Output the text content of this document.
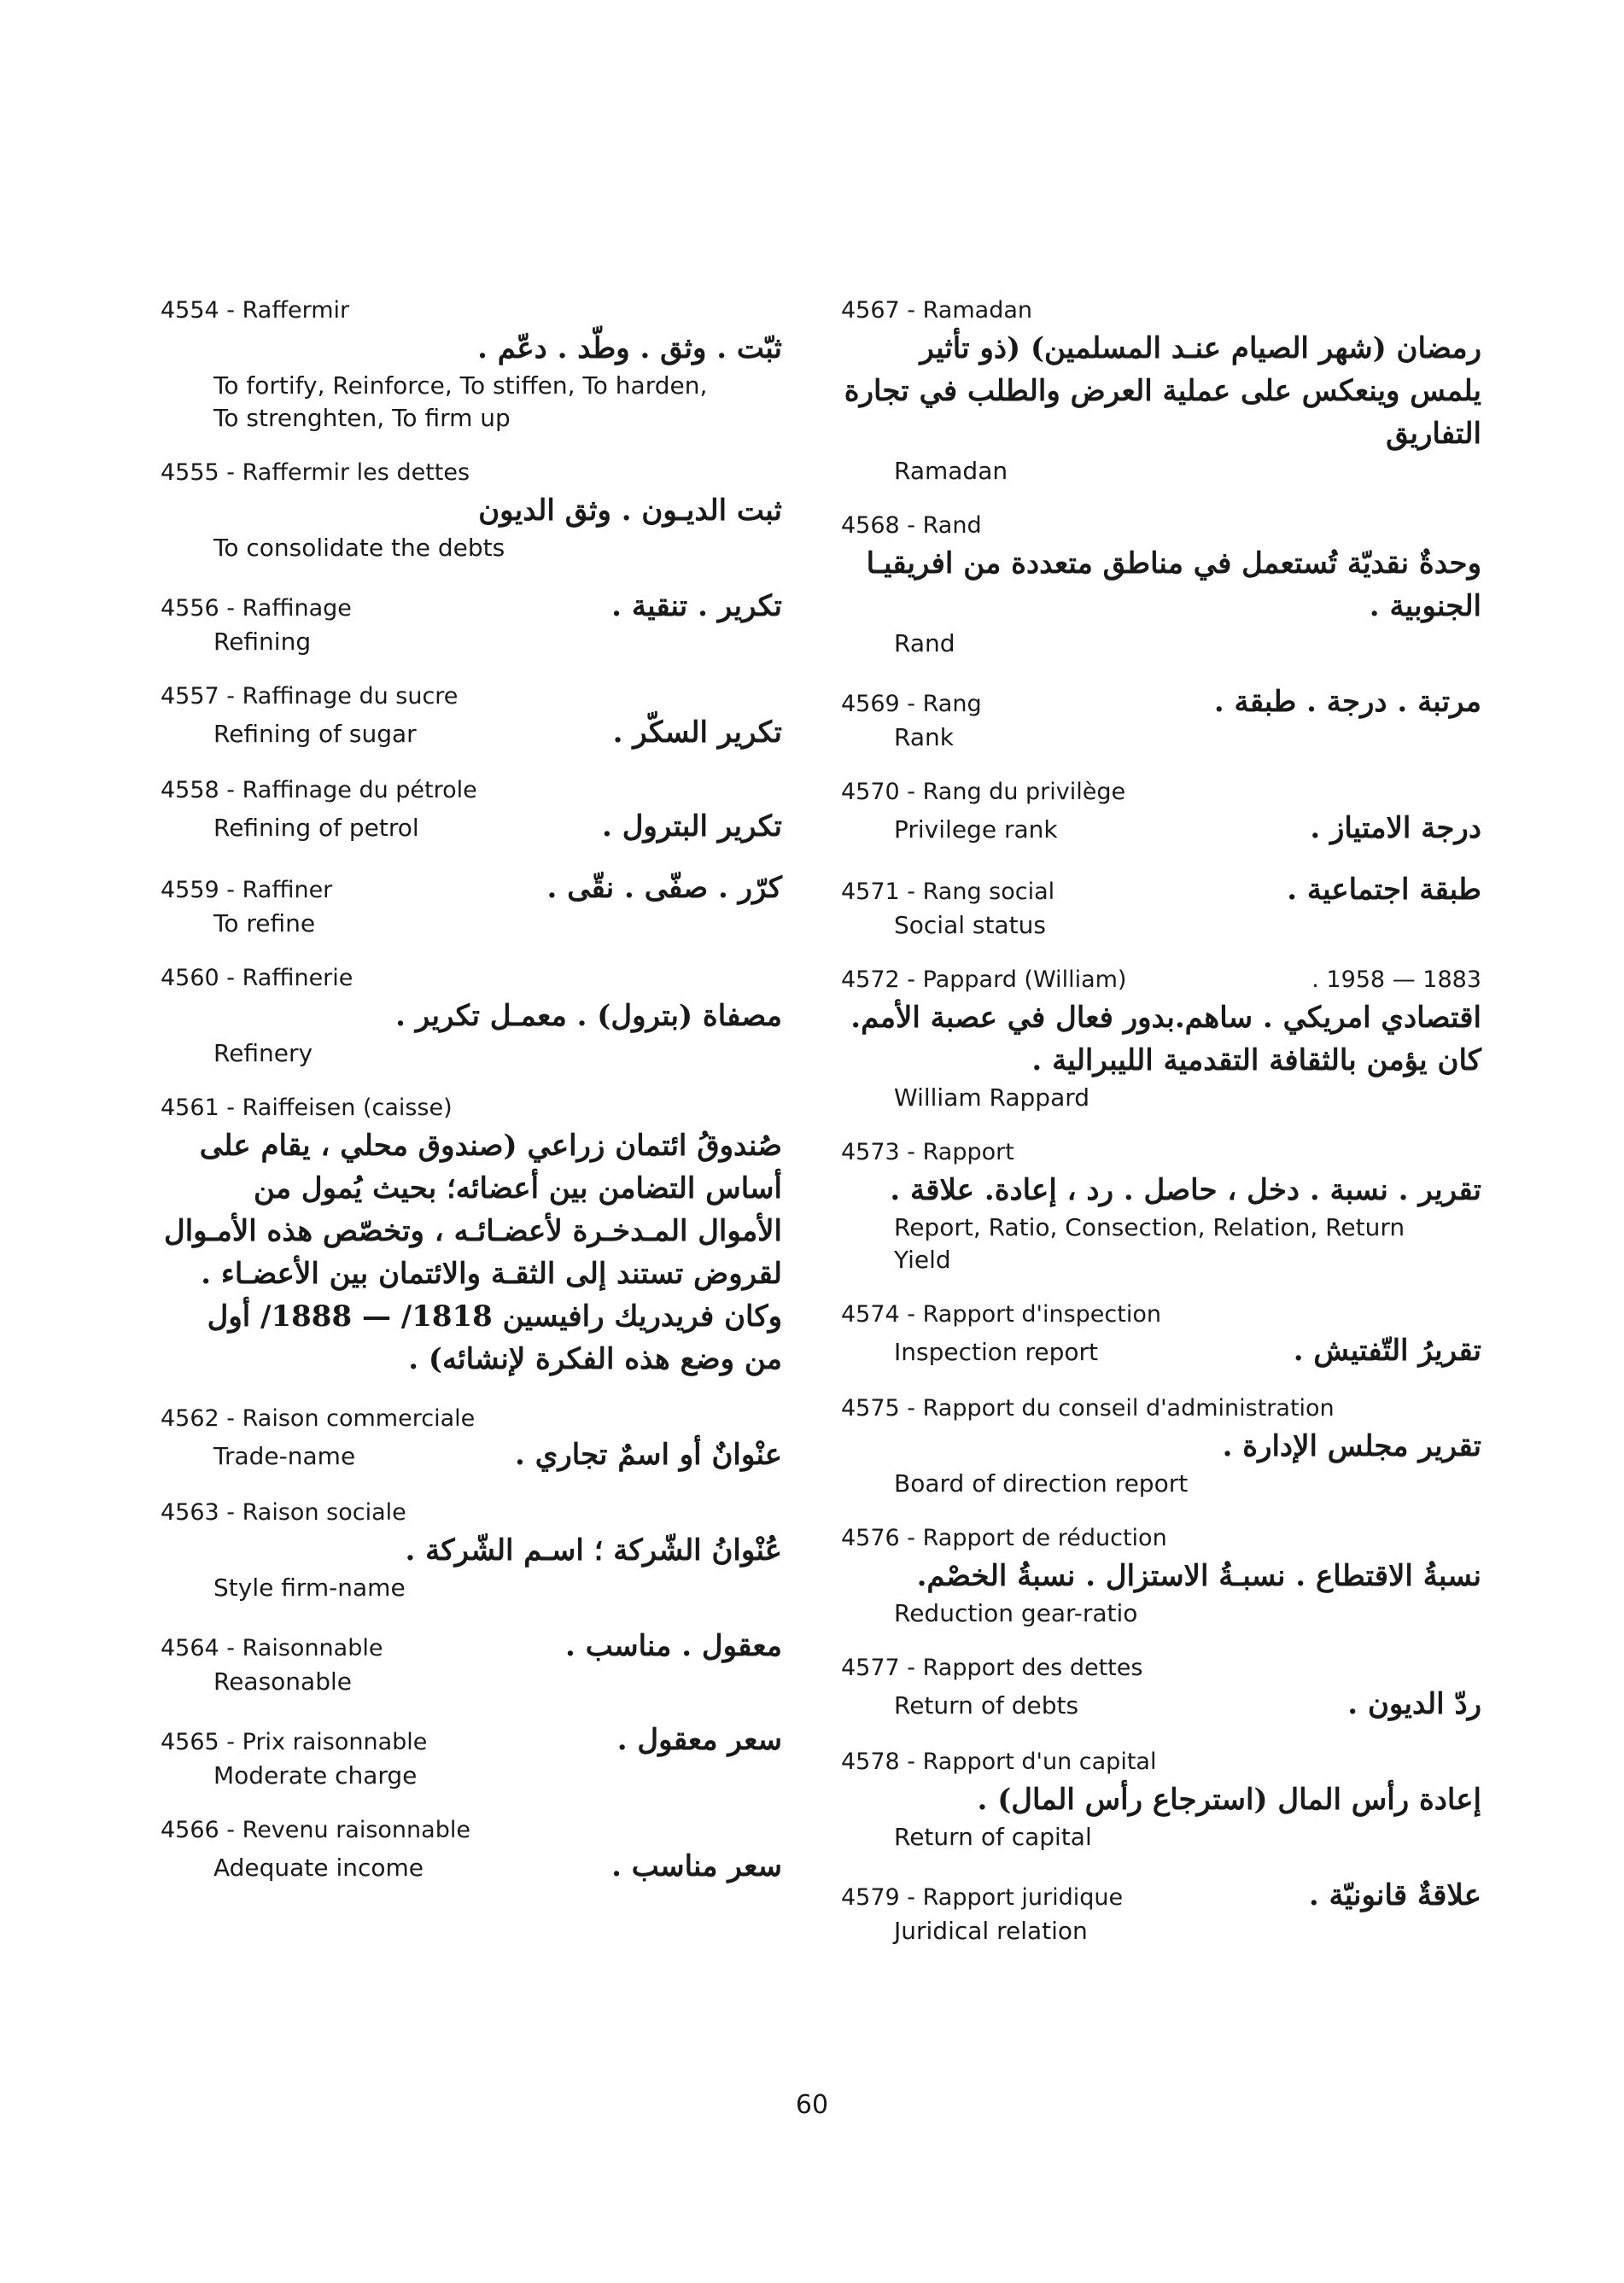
4554 - Raffermir
ثبّت . وثق . وطّد . دعّم .
To fortify, Reinforce, To stiffen, To harden,
To strenghten, To firm up
4555 - Raffermir les dettes
ثبت الديـون . وثق الديون
To consolidate the debts
4556 - Raffinage	تكرير . تنقية .
Refining
4557 - Raffinage du sucre
Refining of sugar	تكرير السكّر .
4558 - Raffinage du pétrole
Refining of petrol	تكرير البترول .
4559 - Raffiner	كرّر . صفّى . نقّى .
To refine
4560 - Raffinerie
مصفاة (بترول) . معمـل تكرير .
Refinery
4561 - Raiffeisen (caisse)
صُندوقُ ائتمان زراعي (صندوق محلي ، يقام على أساس التضامن بين أعضائه؛ بحيث يُمول من الأموال المـدخـرة لأعضـائـه ، وتخصّص هذه الأمـوال لقروض تستند إلى الثقـة والائتمان بين الأعضـاء . وكان فريدريك رافيسين 1818/ — 1888/ أول من وضع هذه الفكرة لإنشائه) .
4562 - Raison commerciale
Trade-name	عنْوانٌ أو اسمٌ تجاري .
4563 - Raison sociale
عُنْوانُ الشّركة ؛ اسـم الشّركة .
Style firm-name
4564 - Raisonnable	معقول . مناسب .
Reasonable
4565 - Prix raisonnable	سعر معقول .
Moderate charge
4566 - Revenu raisonnable
Adequate income	سعر مناسب .
4567 - Ramadan
رمضان (شهر الصيام عنـد المسلمين) (ذو تأثير يلمس وينعكس على عملية العرض والطلب في تجارة التفاريق
Ramadan
4568 - Rand
وحدةٌ نقديّة تُستعمل في مناطق متعددة من افريقيـا الجنوبية .
Rand
4569 - Rang	مرتبة . درجة . طبقة .
Rank
4570 - Rang du privilège
Privilege rank	درجة الامتياز .
4571 - Rang social	طبقة اجتماعية .
Social status
4572 - Pappard (William)	. 1958 — 1883
اقتصادي امريكي . ساهم.بدور فعال في عصبة الأمم. كان يؤمن بالثقافة التقدمية الليبرالية .
William Rappard
4573 - Rapport
تقرير . نسبة . دخل ، حاصل . رد ، إعادة. علاقة .
Report, Ratio, Consection, Relation, Return
Yield
4574 - Rapport d'inspection
Inspection report	تقريرُ التّفتيش .
4575 - Rapport du conseil d'administration
تقرير مجلس الإدارة .
Board of direction report
4576 - Rapport de réduction
نسبةُ الاقتطاع . نسبـةُ الاستزال . نسبةُ الخصْم.
Reduction gear-ratio
4577 - Rapport des dettes
Return of debts	ردّ الديون .
4578 - Rapport d'un capital
إعادة رأس المال (استرجاع رأس المال) .
Return of capital
4579 - Rapport juridique	علاقةٌ قانونيّة .
Juridical relation
60
